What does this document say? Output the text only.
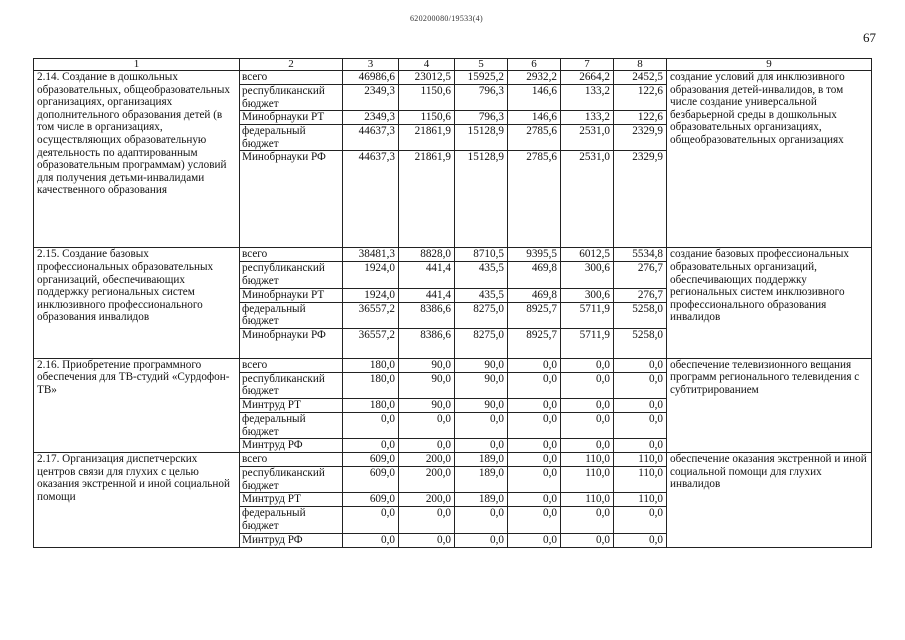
620200080/19533(4)
67
1	2	3	4	5	6	7	8	9
2.14. Создание в дошкольных образовательных, общеобразовательных организациях, организациях дополнительного образования детей (в том числе в организациях, осуществляющих образовательную деятельность по адаптированным образовательным программам) условий для получения детьми-инвалидами качественного образования	всего	46986,6	23012,5	15925,2	2932,2	2664,2	2452,5	создание условий для инклюзивного образования детей-инвалидов, в том числе создание универсальной безбарьерной среды в дошкольных образовательных организациях, общеобразовательных организациях
	республиканский бюджет	2349,3	1150,6	796,3	146,6	133,2	122,6	
	Минобрнауки РТ	2349,3	1150,6	796,3	146,6	133,2	122,6	
	федеральный бюджет	44637,3	21861,9	15128,9	2785,6	2531,0	2329,9	
	Минобрнауки РФ	44637,3	21861,9	15128,9	2785,6	2531,0	2329,9	
2.15. Создание базовых профессиональных образовательных организаций, обеспечивающих поддержку региональных систем инклюзивного профессионального образования инвалидов	всего	38481,3	8828,0	8710,5	9395,5	6012,5	5534,8	создание базовых профессиональных образовательных организаций, обеспечивающих поддержку региональных систем инклюзивного профессионального образования инвалидов
	республиканский бюджет	1924,0	441,4	435,5	469,8	300,6	276,7	
	Минобрнауки РТ	1924,0	441,4	435,5	469,8	300,6	276,7	
	федеральный бюджет	36557,2	8386,6	8275,0	8925,7	5711,9	5258,0	
	Минобрнауки РФ	36557,2	8386,6	8275,0	8925,7	5711,9	5258,0	
2.16. Приобретение программного обеспечения для ТВ-студий «Сурдофон-ТВ»	всего	180,0	90,0	90,0	0,0	0,0	0,0	обеспечение телевизионного вещания программ регионального телевидения с субтитрированием
	республиканский бюджет	180,0	90,0	90,0	0,0	0,0	0,0	
	Минтруд РТ	180,0	90,0	90,0	0,0	0,0	0,0	
	федеральный бюджет	0,0	0,0	0,0	0,0	0,0	0,0	
	Минтруд РФ	0,0	0,0	0,0	0,0	0,0	0,0	
2.17. Организация диспетчерских центров связи для глухих с целью оказания экстренной и иной социальной помощи	всего	609,0	200,0	189,0	0,0	110,0	110,0	обеспечение оказания экстренной и иной социальной помощи для глухих инвалидов
	республиканский бюджет	609,0	200,0	189,0	0,0	110,0	110,0	
	Минтруд РТ	609,0	200,0	189,0	0,0	110,0	110,0	
	федеральный бюджет	0,0	0,0	0,0	0,0	0,0	0,0	
	Минтруд РФ	0,0	0,0	0,0	0,0	0,0	0,0	
